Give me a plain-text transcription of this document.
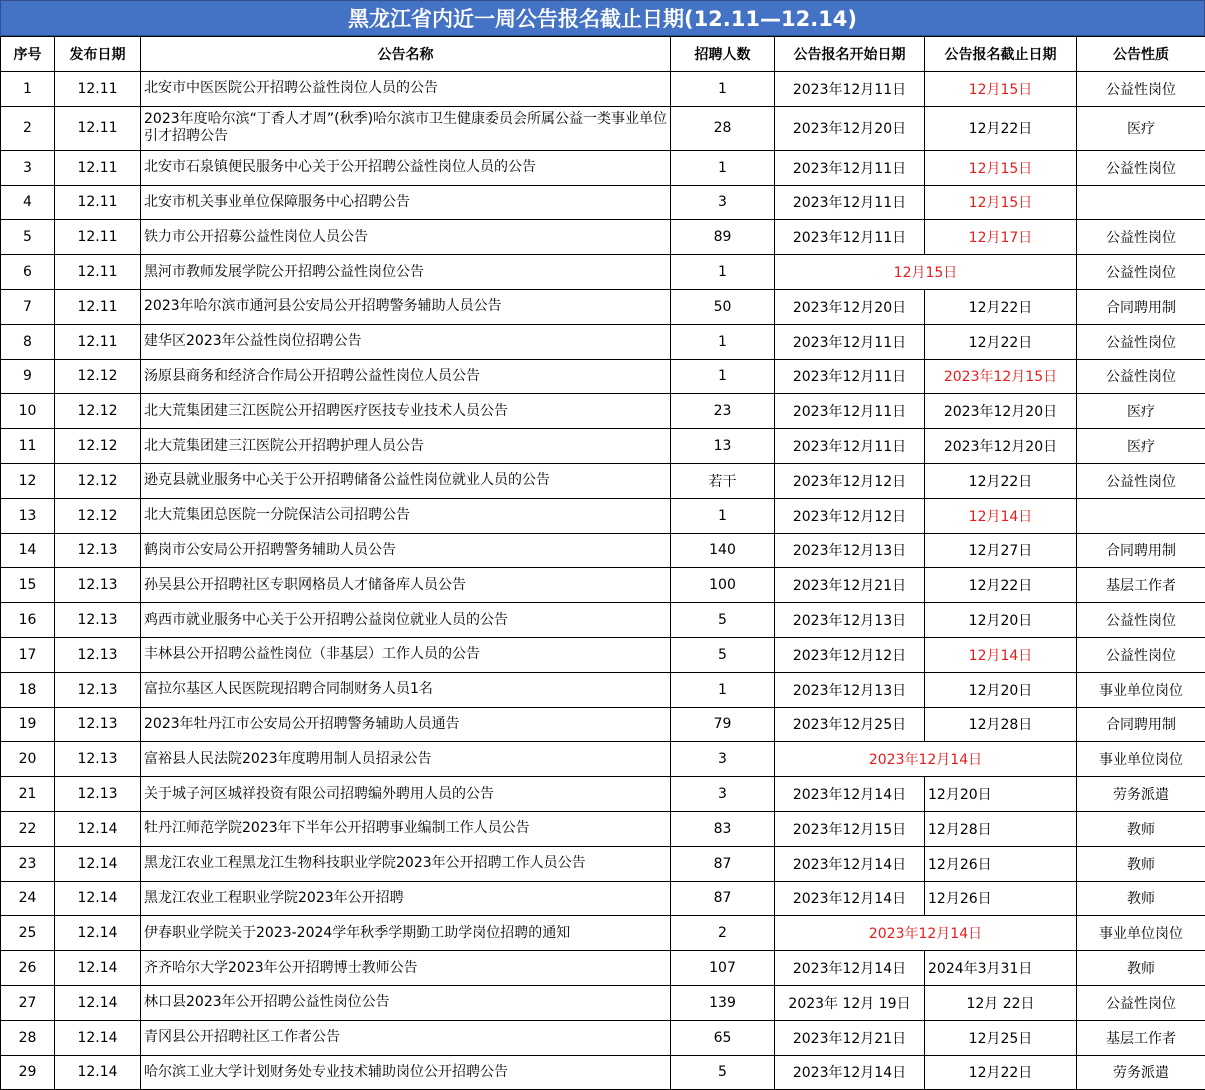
黑龙江省内近一周公告报名截止日期(12.11—12.14)
序号	发布日期	公告名称	招聘人数	公告报名开始日期	公告报名截止日期	公告性质
1	12.11	北安市中医医院公开招聘公益性岗位人员的公告	1	2023年12月11日	12月15日	公益性岗位
2	12.11	2023年度哈尔滨“丁香人才周”(秋季)哈尔滨市卫生健康委员会所属公益一类事业单位引才招聘公告	28	2023年12月20日	12月22日	医疗
3	12.11	北安市石泉镇便民服务中心关于公开招聘公益性岗位人员的公告	1	2023年12月11日	12月15日	公益性岗位
4	12.11	北安市机关事业单位保障服务中心招聘公告	3	2023年12月11日	12月15日	
5	12.11	铁力市公开招募公益性岗位人员公告	89	2023年12月11日	12月17日	公益性岗位
6	12.11	黑河市教师发展学院公开招聘公益性岗位公告	1	12月15日		公益性岗位
7	12.11	2023年哈尔滨市通河县公安局公开招聘警务辅助人员公告	50	2023年12月20日	12月22日	合同聘用制
8	12.11	建华区2023年公益性岗位招聘公告	1	2023年12月11日	12月22日	公益性岗位
9	12.12	汤原县商务和经济合作局公开招聘公益性岗位人员公告	1	2023年12月11日	2023年12月15日	公益性岗位
10	12.12	北大荒集团建三江医院公开招聘医疗医技专业技术人员公告	23	2023年12月11日	2023年12月20日	医疗
11	12.12	北大荒集团建三江医院公开招聘护理人员公告	13	2023年12月11日	2023年12月20日	医疗
12	12.12	逊克县就业服务中心关于公开招聘储备公益性岗位就业人员的公告	若干	2023年12月12日	12月22日	公益性岗位
13	12.12	北大荒集团总医院一分院保洁公司招聘公告	1	2023年12月12日	12月14日	
14	12.13	鹤岗市公安局公开招聘警务辅助人员公告	140	2023年12月13日	12月27日	合同聘用制
15	12.13	孙吴县公开招聘社区专职网格员人才储备库人员公告	100	2023年12月21日	12月22日	基层工作者
16	12.13	鸡西市就业服务中心关于公开招聘公益岗位就业人员的公告	5	2023年12月13日	12月20日	公益性岗位
17	12.13	丰林县公开招聘公益性岗位（非基层）工作人员的公告	5	2023年12月12日	12月14日	公益性岗位
18	12.13	富拉尔基区人民医院现招聘合同制财务人员1名	1	2023年12月13日	12月20日	事业单位岗位
19	12.13	2023年牡丹江市公安局公开招聘警务辅助人员通告	79	2023年12月25日	12月28日	合同聘用制
20	12.13	富裕县人民法院2023年度聘用制人员招录公告	3	2023年12月14日		事业单位岗位
21	12.13	关于城子河区城祥投资有限公司招聘编外聘用人员的公告	3	2023年12月14日	12月20日	劳务派遣
22	12.14	牡丹江师范学院2023年下半年公开招聘事业编制工作人员公告	83	2023年12月15日	12月28日	教师
23	12.14	黑龙江农业工程黑龙江生物科技职业学院2023年公开招聘工作人员公告	87	2023年12月14日	12月26日	教师
24	12.14	黑龙江农业工程职业学院2023年公开招聘	87	2023年12月14日	12月26日	教师
25	12.14	伊春职业学院关于2023-2024学年秋季学期勤工助学岗位招聘的通知	2	2023年12月14日		事业单位岗位
26	12.14	齐齐哈尔大学2023年公开招聘博士教师公告	107	2023年12月14日	2024年3月31日	教师
27	12.14	林口县2023年公开招聘公益性岗位公告	139	2023年 12月 19日	12月 22日	公益性岗位
28	12.14	青冈县公开招聘社区工作者公告	65	2023年12月21日	12月25日	基层工作者
29	12.14	哈尔滨工业大学计划财务处专业技术辅助岗位公开招聘公告	5	2023年12月14日	12月22日	劳务派遣
